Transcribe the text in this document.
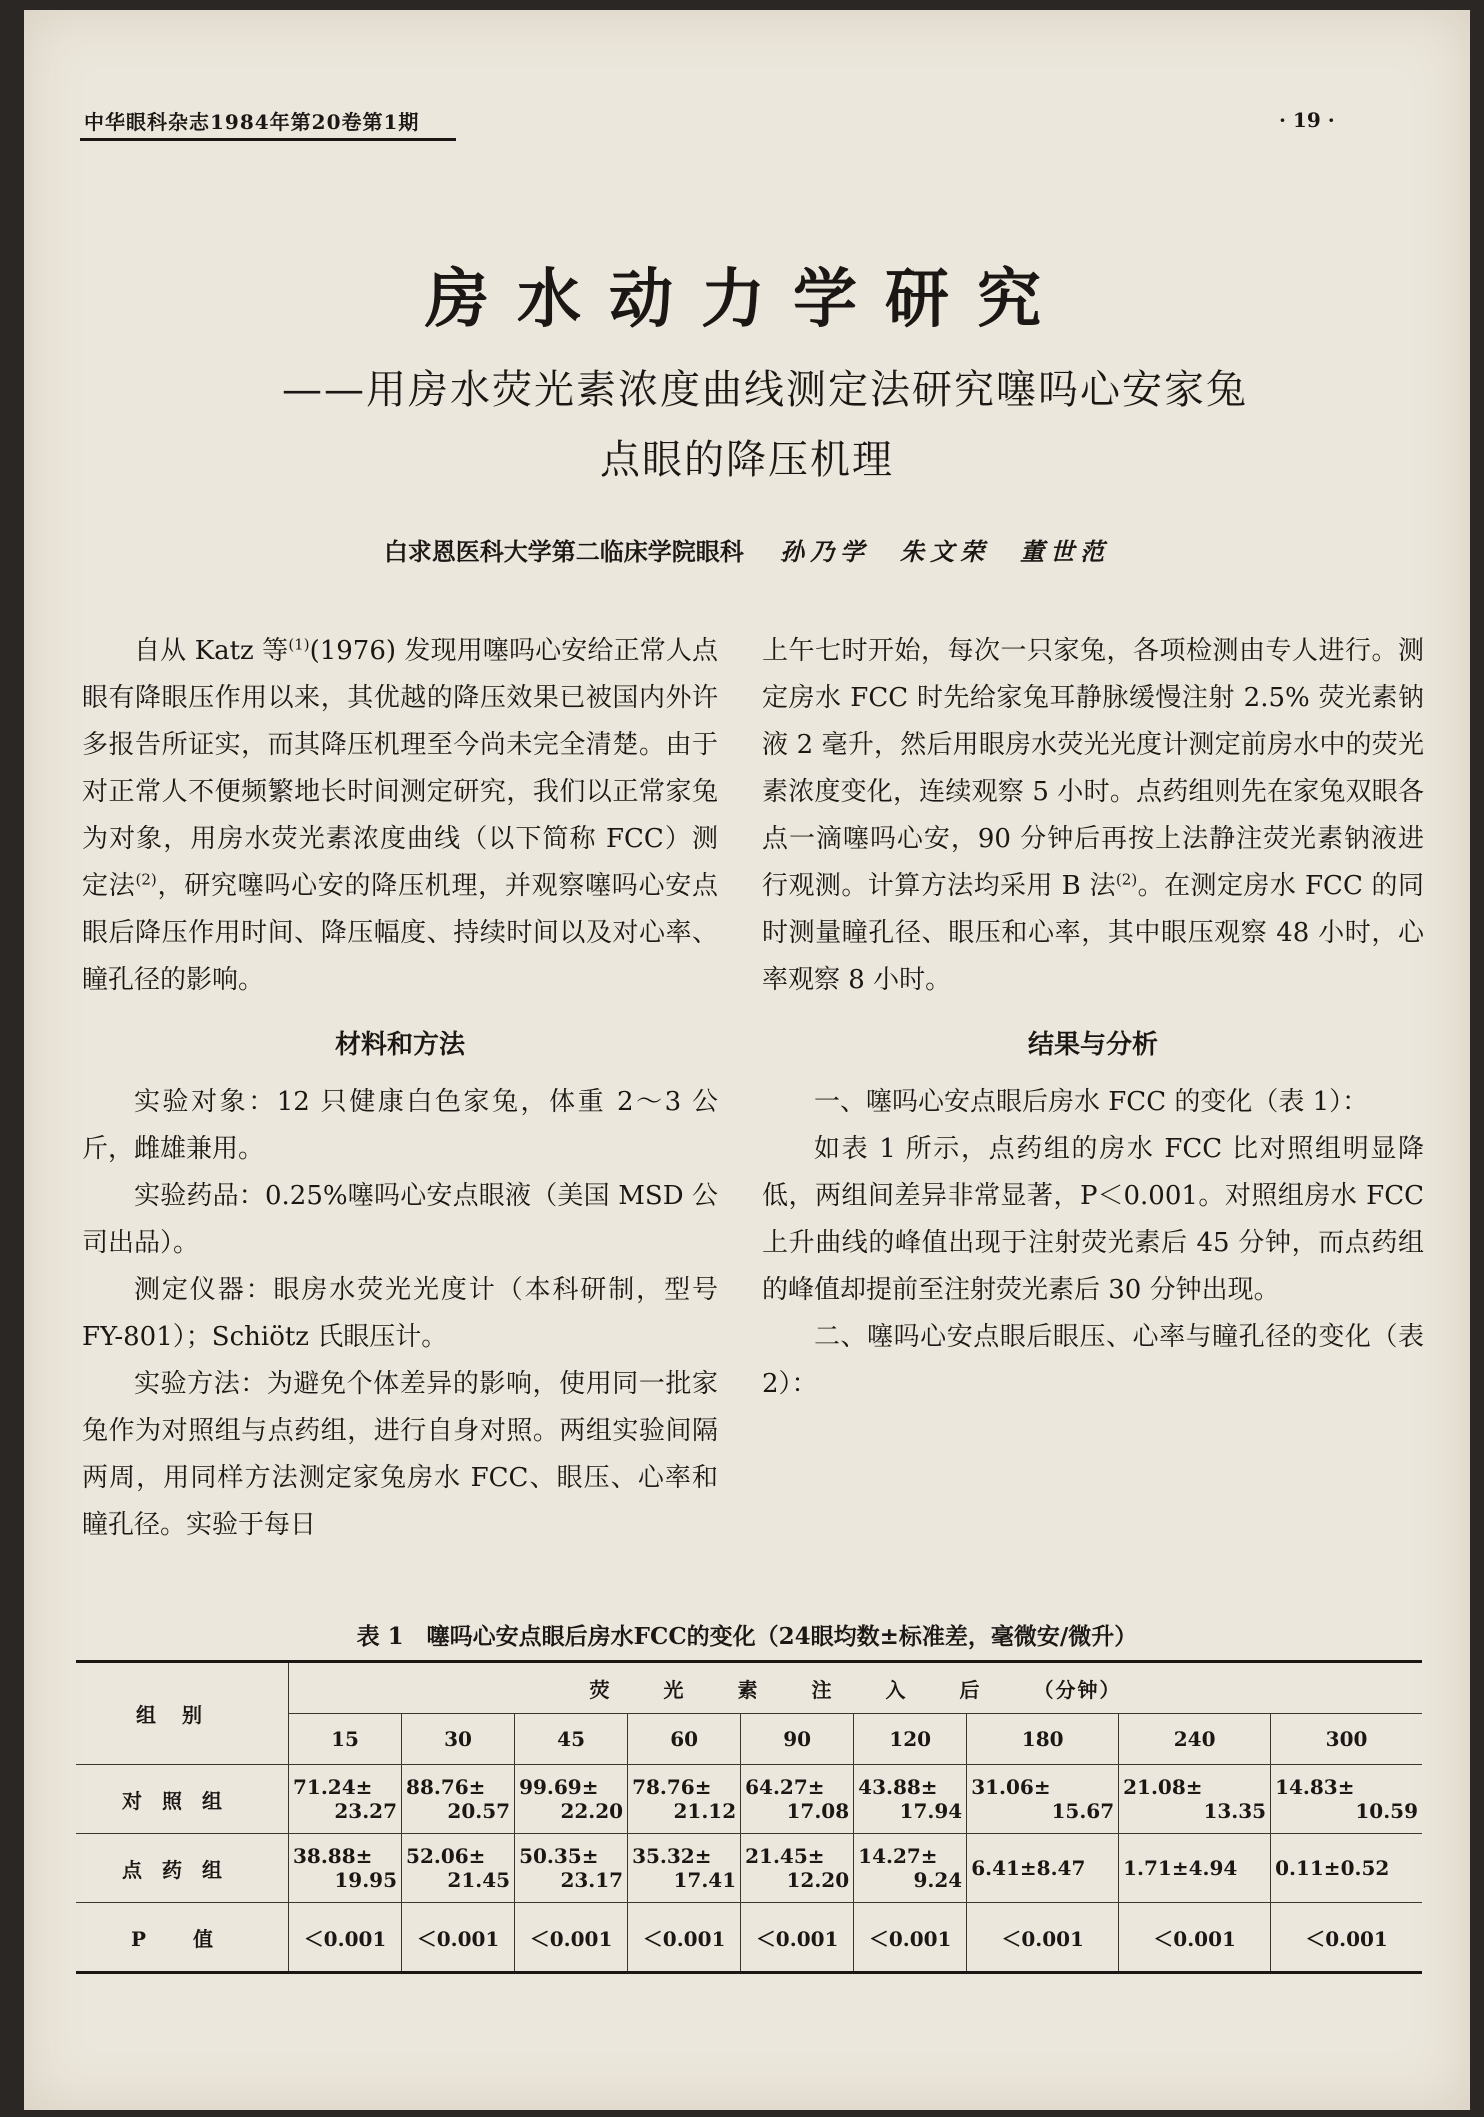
中华眼科杂志1984年第20卷第1期	· 19 ·
房水动力学研究
——用房水荧光素浓度曲线测定法研究噻吗心安家兔
点眼的降压机理
白求恩医科大学第二临床学院眼科 孙乃学　朱文荣　董世范

自从 Katz 等$^{(1)}$(1976) 发现用噻吗心安给正常人点眼有降眼压作用以来，其优越的降压效果已被国内外许多报告所证实，而其降压机理至今尚未完全清楚。由于对正常人不便频繁地长时间测定研究，我们以正常家兔为对象，用房水荧光素浓度曲线（以下简称 FCC）测定法$^{(2)}$，研究噻吗心安的降压机理，并观察噻吗心安点眼后降压作用时间、降压幅度、持续时间以及对心率、瞳孔径的影响。

材料和方法

实验对象：12 只健康白色家兔，体重 2～3 公斤，雌雄兼用。

实验药品：0.25%噻吗心安点眼液（美国 MSD 公司出品）。

测定仪器：眼房水荧光光度计（本科研制，型号 FY-801）；Schiötz 氏眼压计。

实验方法：为避免个体差异的影响，使用同一批家兔作为对照组与点药组，进行自身对照。两组实验间隔两周，用同样方法测定家兔房水 FCC、眼压、心率和瞳孔径。实验于每日

上午七时开始，每次一只家兔，各项检测由专人进行。测定房水 FCC 时先给家兔耳静脉缓慢注射 2.5% 荧光素钠液 2 毫升，然后用眼房水荧光光度计测定前房水中的荧光素浓度变化，连续观察 5 小时。点药组则先在家兔双眼各点一滴噻吗心安，90 分钟后再按上法静注荧光素钠液进行观测。计算方法均采用 B 法$^{(2)}$。在测定房水 FCC 的同时测量瞳孔径、眼压和心率，其中眼压观察 48 小时，心率观察 8 小时。

结果与分析

一、噻吗心安点眼后房水 FCC 的变化（表 1）：

如表 1 所示，点药组的房水 FCC 比对照组明显降低，两组间差异非常显著，P＜0.001。对照组房水 FCC 上升曲线的峰值出现于注射荧光素后 45 分钟，而点药组的峰值却提前至注射荧光素后 30 分钟出现。

二、噻吗心安点眼后眼压、心率与瞳孔径的变化（表 2）：

表 1　噻吗心安点眼后房水FCC的变化（24眼均数±标准差，毫微安/微升）
组别	荧光素注入后（分钟）								
	15	30	45	60	90	120	180	240	300
对照组	71.24±
23.27	88.76±
20.57	99.69±
22.20	78.76±
21.12	64.27±
17.08	43.88±
17.94	31.06±
15.67	21.08±
13.35	14.83±
10.59

点药组	38.88±
19.95	52.06±
21.45	50.35±
23.17	35.32±
17.41	21.45±
12.20	14.27±
9.24	6.41±8.47	1.71±4.94	0.11±0.52

P 值	＜0.001	＜0.001	＜0.001	＜0.001	＜0.001	＜0.001	＜0.001	＜0.001	＜0.001
